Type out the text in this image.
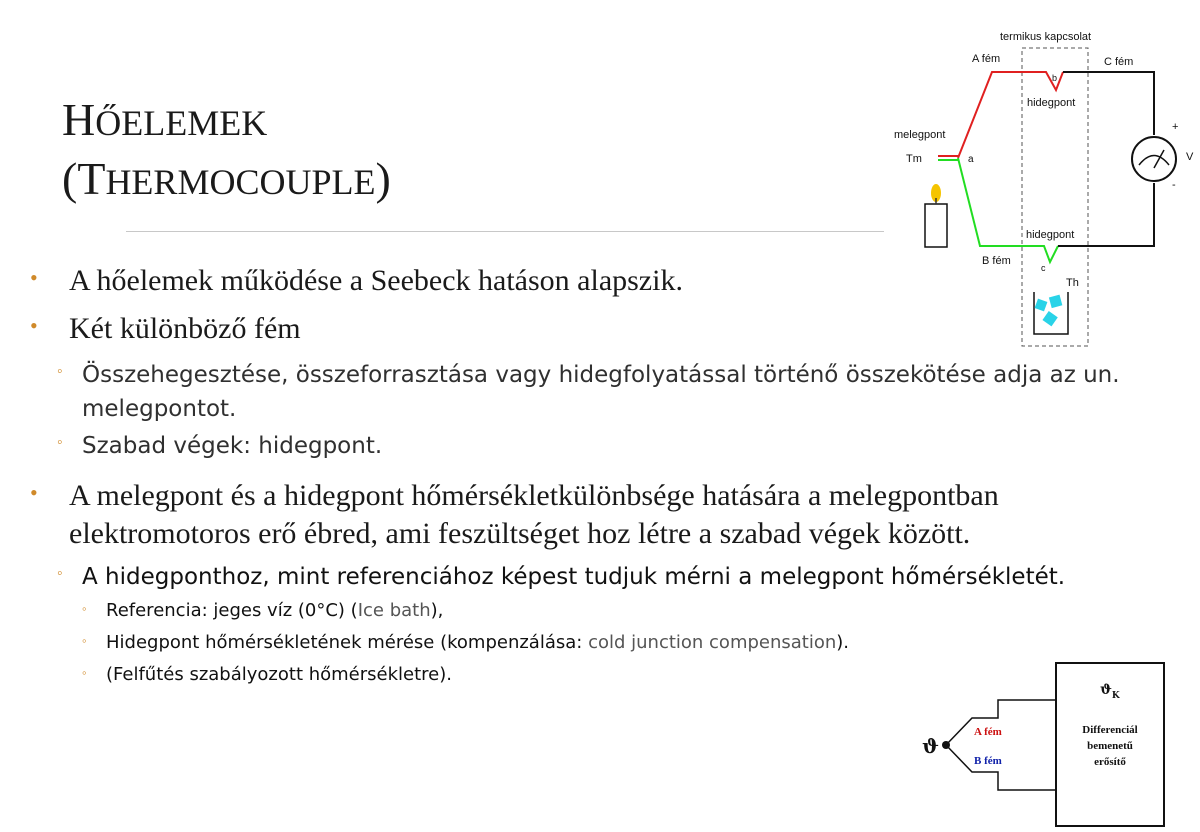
HŐELEMEK
(THERMOCOUPLE)
• A hőelemek működése a Seebeck hatáson alapszik.
• Két különböző fém
◦ Összehegesztése, összeforrasztása vagy hidegfolyatással történő összekötése adja az un.
melegpontot.
◦ Szabad végek: hidegpont.
• A melegpont és a hidegpont hőmérsékletkülönbsége hatására a melegpontban
elektromotoros erő ébred, ami feszültséget hoz létre a szabad végek között.
◦ A hidegponthoz, mint referenciához képest tudjuk mérni a melegpont hőmérsékletét.
◦ Referencia: jeges víz (0°C) (Ice bath),
◦ Hidegpont hőmérsékletének mérése (kompenzálása: cold junction compensation).
◦ (Felfűtés szabályozott hőmérsékletre).
termikus kapcsolat
+
V
-
A fém	C fém
b
hidegpont
melegpont
Tm	a
hidegpont
B fém
c
Th
ϑ
A fém
B fém
$ϑ_K$
Differenciál
bemenetű
erősítő
